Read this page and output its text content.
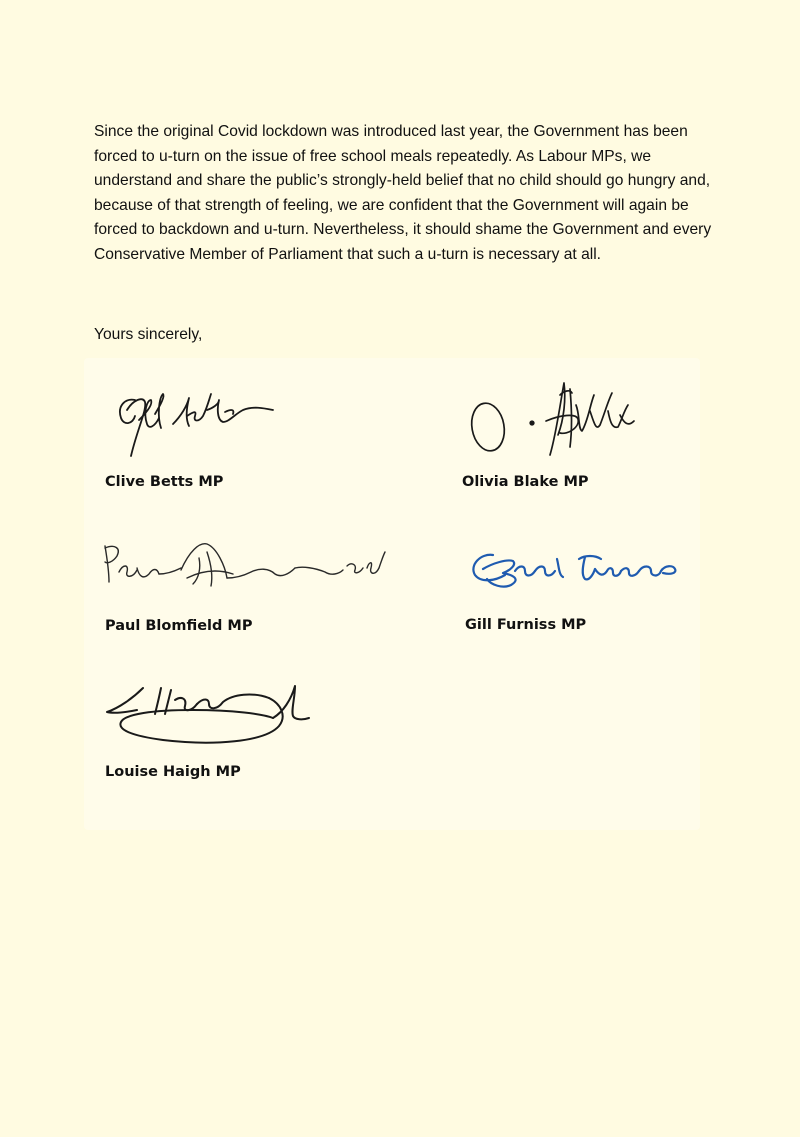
Since the original Covid lockdown was introduced last year, the Government has been forced to u-turn on the issue of free school meals repeatedly. As Labour MPs, we understand and share the public’s strongly-held belief that no child should go hungry and, because of that strength of feeling, we are confident that the Government will again be forced to backdown and u-turn. Nevertheless, it should shame the Government and every Conservative Member of Parliament that such a u-turn is necessary at all.

Yours sincerely,

Clive Betts MP	Olivia Blake MP
Paul Blomfield MP	Gill Furniss MP
Louise Haigh MP
